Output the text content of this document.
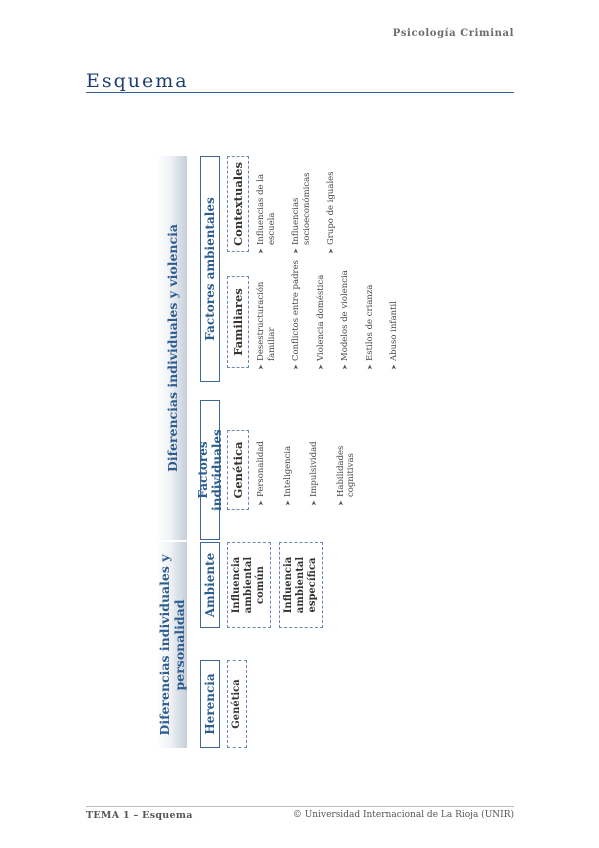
Psicología Criminal
Esquema
Diferencias individuales y personalidad
Herencia	Genética
Ambiente	Influencia ambiental común	Influencia ambiental específica
Diferencias individuales y violencia	Factores individuales Genética	➤ Personalidad ➤ Inteligencia ➤ Impulsividad ➤ Habilidades cognitivas
Factores ambientales	Familiares	➤ Desestructuración familiar ➤ Conflictos entre padres ➤ Violencia doméstica ➤ Modelos de violencia ➤ Estilos de crianza ➤ Abuso infantil
Contextuales	➤ Influencias de la escuela ➤ Influencias socioeconómicas ➤ Grupo de iguales
TEMA 1 – Esquema	© Universidad Internacional de La Rioja (UNIR)
